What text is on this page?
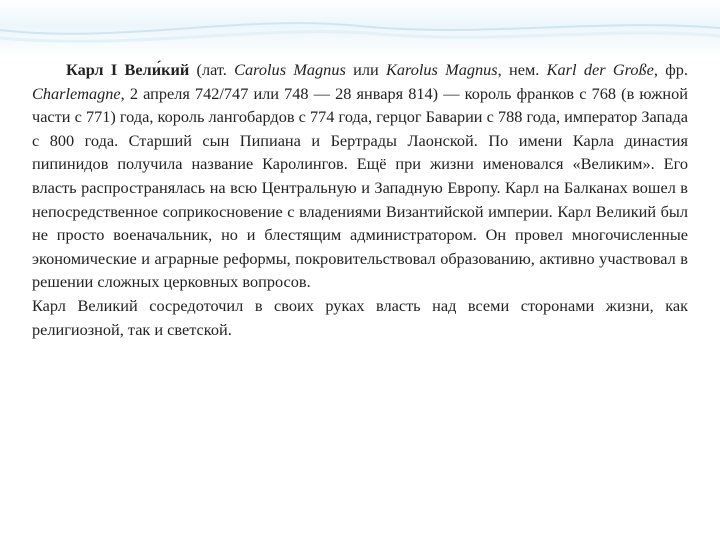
Карл I Вели́кий (лат. Carolus Magnus или Karolus Magnus, нем. Karl der Große, фр. Charlemagne, 2 апреля 742/747 или 748 — 28 января 814) — король франков с 768 (в южной части с 771) года, король лангобардов с 774 года, герцог Баварии с 788 года, император Запада с 800 года. Старший сын Пипиана и Бертрады Лаонской. По имени Карла династия пипинидов получила название Каролингов. Ещё при жизни именовался «Великим». Его власть распространялась на всю Центральную и Западную Европу. Карл на Балканах вошел в непосредственное соприкосновение с владениями Византийской империи. Карл Великий был не просто военачальник, но и блестящим администратором. Он провел многочисленные экономические и аграрные реформы, покровительствовал образованию, активно участвовал в решении сложных церковных вопросов.

Карл Великий сосредоточил в своих руках власть над всеми сторонами жизни, как религиозной, так и светской.
